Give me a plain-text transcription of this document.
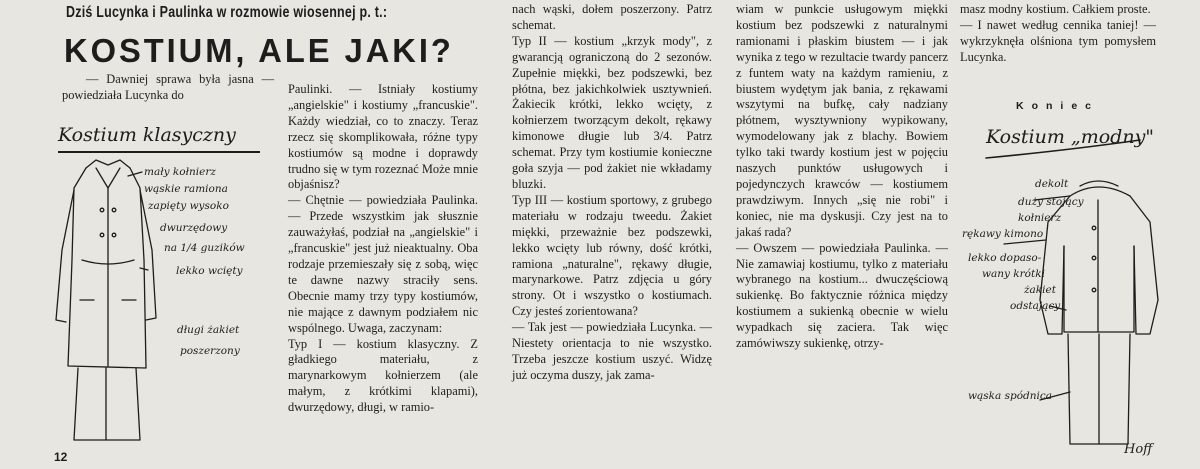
Dziś Lucynka i Paulinka w rozmowie wiosennej p. t.:
KOSTIUM, ALE JAKI?
— Dawniej sprawa była jasna — powiedziała Lucynka do	Paulinki. — Istniały kostiumy „angielskie" i kostiumy „francuskie". Każdy wiedział, co to znaczy. Teraz rzecz się skomplikowała, różne typy kostiumów są modne i doprawdy trudno się w tym rozeznać Może mnie objaśnisz?
— Chętnie — powiedziała Paulinka. — Przede wszystkim jak słusznie zauważyłaś, podział na „angielskie" i „francuskie" jest już nieaktualny. Oba rodzaje przemieszały się z sobą, więc te dawne nazwy straciły sens. Obecnie mamy trzy typy kostiumów, nie mające z dawnym podziałem nic wspólnego. Uwaga, zaczynam:
Typ I — kostium klasyczny. Z gładkiego materiału, z marynarkowym kołnierzem (ale małym, z krótkimi klapami), dwurzędowy, długi, w ramio-
nach wąski, dołem poszerzony. Patrz schemat.
Typ II — kostium „krzyk mody", z gwarancją ograniczoną do 2 sezonów. Zupełnie miękki, bez podszewki, bez płótna, bez jakichkolwiek usztywnień. Żakiecik krótki, lekko wcięty, z kołnierzem tworzącym dekolt, rękawy kimonowe długie lub 3/4. Patrz schemat. Przy tym kostiumie konieczne goła szyja — pod żakiet nie wkładamy bluzki.
Typ III — kostium sportowy, z grubego materiału w rodzaju tweedu. Żakiet miękki, przeważnie bez podszewki, lekko wcięty lub równy, dość krótki, ramiona „naturalne", rękawy długie, marynarkowe. Patrz zdjęcia u góry strony. Ot i wszystko o kostiumach. Czy jesteś zorientowana?
— Tak jest — powiedziała Lucynka. — Niestety orientacja to nie wszystko. Trzeba jeszcze kostium uszyć. Widzę już oczyma duszy, jak zama-
wiam w punkcie usługowym miękki kostium bez podszewki z naturalnymi ramionami i płaskim biustem — i jak wynika z tego w rezultacie twardy pancerz z funtem waty na każdym ramieniu, z biustem wydętym jak bania, z rękawami wszytymi na bufkę, cały nadziany płótnem, wysztywniony wypikowany, wymodelowany jak z blachy. Bowiem tylko taki twardy kostium jest w pojęciu naszych punktów usługowych i pojedynczych krawców — kostiumem prawdziwym. Innych „się nie robi" i koniec, nie ma dyskusji. Czy jest na to jakaś rada?
— Owszem — powiedziała Paulinka. — Nie zamawiaj kostiumu, tylko z materiału wybranego na kostium... dwuczęściową sukienkę. Bo faktycznie różnica między kostiumem a sukienką obecnie w wielu wypadkach się zaciera. Tak więc zamówiwszy sukienkę, otrzy-
masz modny kostium. Całkiem proste.
— I nawet według cennika taniej! — wykrzyknęła olśniona tym pomysłem Lucynka.
Koniec
Kostium klasyczny
mały kołnierz
wąskie ramiona
zapięty wysoko
dwurzędowy
na 1/4 guzików
lekko wcięty
długi żakiet
poszerzony
Kostium „modny"
dekolt
duży stojący
kołnierz
rękawy kimono
lekko dopaso-
wany krótki
żakiet
odstający
wąska spódnica
Hoff
12
